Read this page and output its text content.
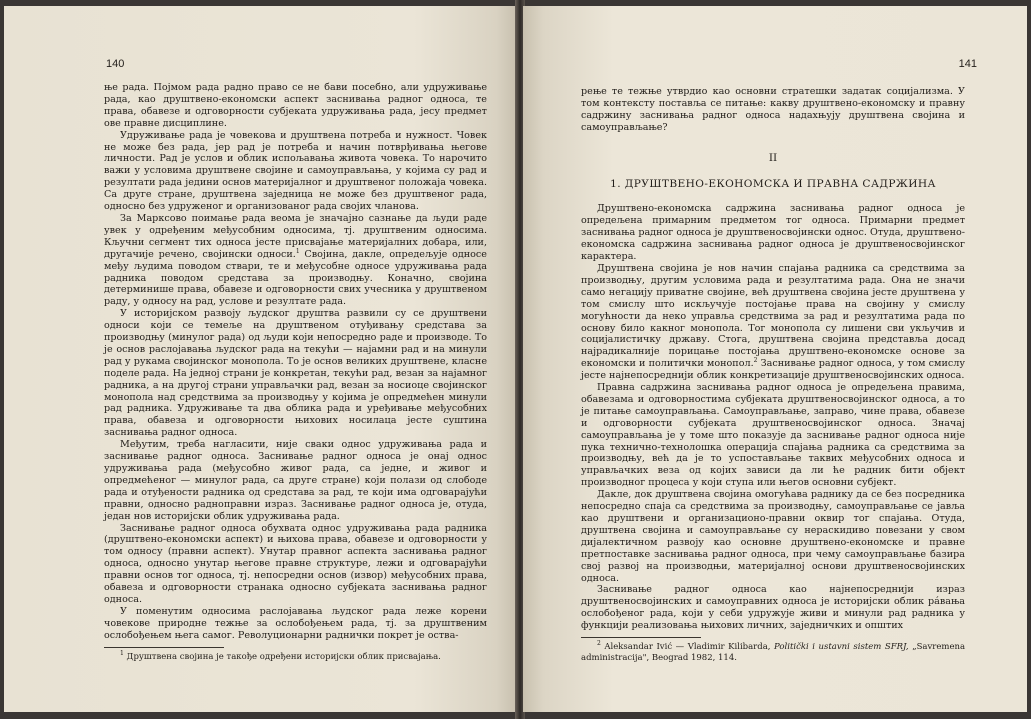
140

ње рада. Појмом рада радно право се не бави посебно, али удруживање рада, као друштвено-економски аспект заснивања радног односа, те права, обавезе и одговорности субјеката удруживања рада, јесу предмет ове правне дисциплине.

Удруживање рада је човекова и друштвена потреба и нужност. Човек не може без рада, јер рад је потреба и начин потврђивања његове личности. Рад је услов и облик испољавања живота човека. То нарочито важи у условима друштвене својине и самоуправљања, у којима су рад и резултати рада једини основ материјалног и друштвеног положаја човека. Са друге стране, друштвена заједница не може без друштвеног рада, односно без удруженог и организованог рада својих чланова.

За Марксово поимање рада веома је значајно сазнање да људи раде увек у одређеним међусобним односима, тј. друштвеним односима. Кључни сегмент тих односа јесте присвајање материјалних добара, или, другачије речено, својински односи.$^1$ Својина, дакле, опредељује односе међу људима поводом ствари, те и међусобне односе удруживања рада радника поводом средстава за производњу. Коначно, својина детерминише права, обавезе и одговорности свих учесника у друштвеном раду, у односу на рад, услове и резултате рада.

У историјском развоју људског друштва развили су се друштвени односи који се темеље на друштвеном отуђивању средстава за производњу (минулог рада) од људи који непосредно раде и производе. То је основ раслојавања људског рада на текући — најамни рад и на минули рад у рукама својинског монопола. То је основ великих друштвене, класне поделе рада. На једној страни је конкретан, текући рад, везан за најамног радника, а на другој страни управљачки рад, везан за носиоце својинског монопола над средствима за производњу у којима је опредмећен минули рад радника. Удруживање та два облика рада и уређивање међусобних права, обавеза и одговорности њихових носилаца јесте суштина заснивања радног односа.

Међутим, треба нагласити, није сваки однос удруживања рада и заснивање радног односа. Заснивање радног односа је онај однос удруживања рада (међусобно живог рада, са једне, и живог и опредмећеног — минулог рада, са друге стране) који полази од слободе рада и отуђености радника од средстава за рад, те који има одговарајући правни, односно радноправни израз. Заснивање радног односа је, отуда, један нов историјски облик удруживања рада.

Заснивање радног односа обухвата однос удруживања рада радника (друштвено-економски аспект) и њихова права, обавезе и одговорности у том односу (правни аспект). Унутар правног аспекта заснивања радног односа, односно унутар његове правне структуре, лежи и одговарајући правни основ тог односа, тј. непосредни основ (извор) међусобних права, обавеза и одговорности странака односно субјеката заснивања радног односа.

У поменутим односима раслојавања људског рада леже корени човекове природне тежње за ослобођењем рада, тј. за друштвеним ослобођењем њега самог. Револуционарни раднички покрет је оства-

$^1$ Друштвена својина је такође одређени историјски облик присвајања.

141

рење те тежње утврдио као основни стратешки задатак социјализма. У том контексту поставља се питање: какву друштвено-економску и правну садржину заснивања радног односа надахњују друштвена својина и самоуправљање?

II
1. ДРУШТВЕНО-ЕКОНОМСКА И ПРАВНА САДРЖИНА

Друштвено-економска садржина заснивања радног односа је опредељена примарним предметом тог односа. Примарни предмет заснивања радног односа је друштвеносвојински однос. Отуда, друштвено-економска садржина заснивања радног односа је друштвеносвојинског карактера.

Друштвена својина је нов начин спајања радника са средствима за производњу, другим условима рада и резултатима рада. Она не значи само негацију приватне својине, већ друштвена својина јесте друштвена у том смислу што искључује постојање права на својину у смислу могућности да неко управља средствима за рад и резултатима рада по основу било какног монопола. Тог монопола су лишени сви укључив и социјалистичку државу. Стога, друштвена својина представља досад најрадикалније порицање постојања друштвено-економске основе за економски и политички монопол.$^2$ Заснивање радног односа, у том смислу јесте најнепосреднији облик конкретизације друштвеносвојинских односа.

Правна садржина заснивања радног односа је опредељена правима, обавезама и одговорностима субјеката друштвеносвојинског односа, а то је питање самоуправљања. Самоуправљање, заправо, чине права, обавезе и одговорности субјеката друштвеносвојинског односа. Значај самоуправљања је у томе што показује да заснивање радног односа није пука технично-технолошка операција спајања радника са средствима за производњу, већ да је то успостављање таквих међусобних односа и управљачких веза од којих зависи да ли ће радник бити објект производног процеса у који ступа или његов основни субјект.

Дакле, док друштвена својина омогућава раднику да се без посредника непосредно спаја са средствима за производњу, самоуправљање се јавља као друштвени и организационо-правни оквир тог спајања. Отуда, друштвена својина и самоуправљање су нераскидиво повезани у свом дијалектичном развоју као основне друштвено-економске и правне претпоставке заснивања радног односа, при чему самоуправљање базира свој развој на производњи, материјалној основи друштвеносвојинских односа.

Заснивање радног односа као најнепосреднији израз друштвеносвојинских и самоуправних односа је историјски облик ра́вања ослобођеног рада, који у себи удружује живи и минули рад радника у функцији реализовања њихових личних, заједничких и општих

$^2$ Aleksandar Ivić — Vladimir Kilibarda, Politički i ustavni sistem SFRJ, „Savremena administracija", Beograd 1982, 114.
